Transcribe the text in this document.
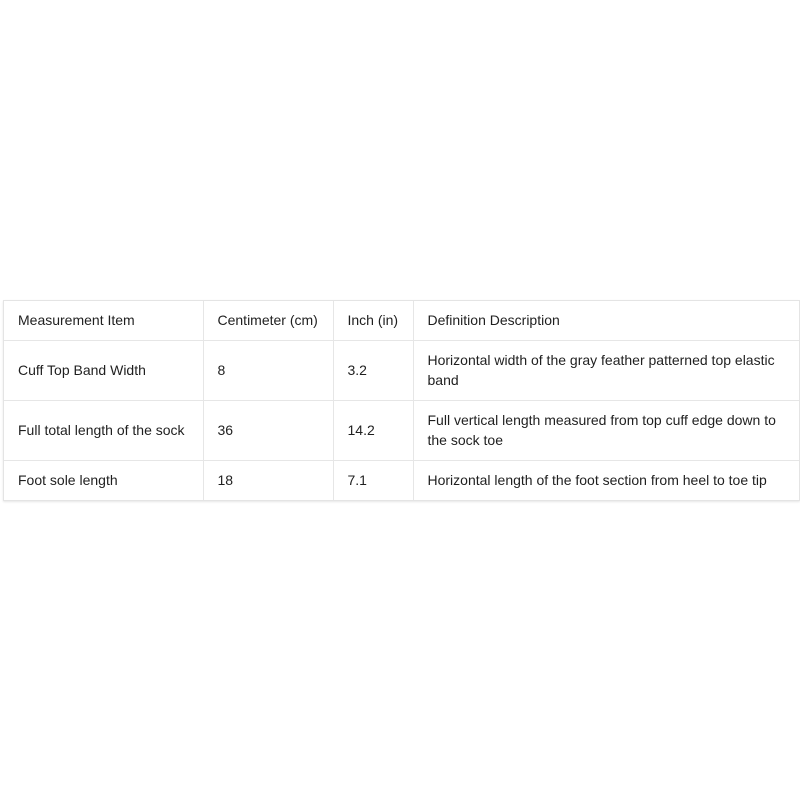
Measurement Item	Centimeter (cm)	Inch (in)	Definition Description
Cuff Top Band Width	8	3.2	Horizontal width of the gray feather patterned top elastic band
Full total length of the sock	36	14.2	Full vertical length measured from top cuff edge down to the sock toe
Foot sole length	18	7.1	Horizontal length of the foot section from heel to toe tip
